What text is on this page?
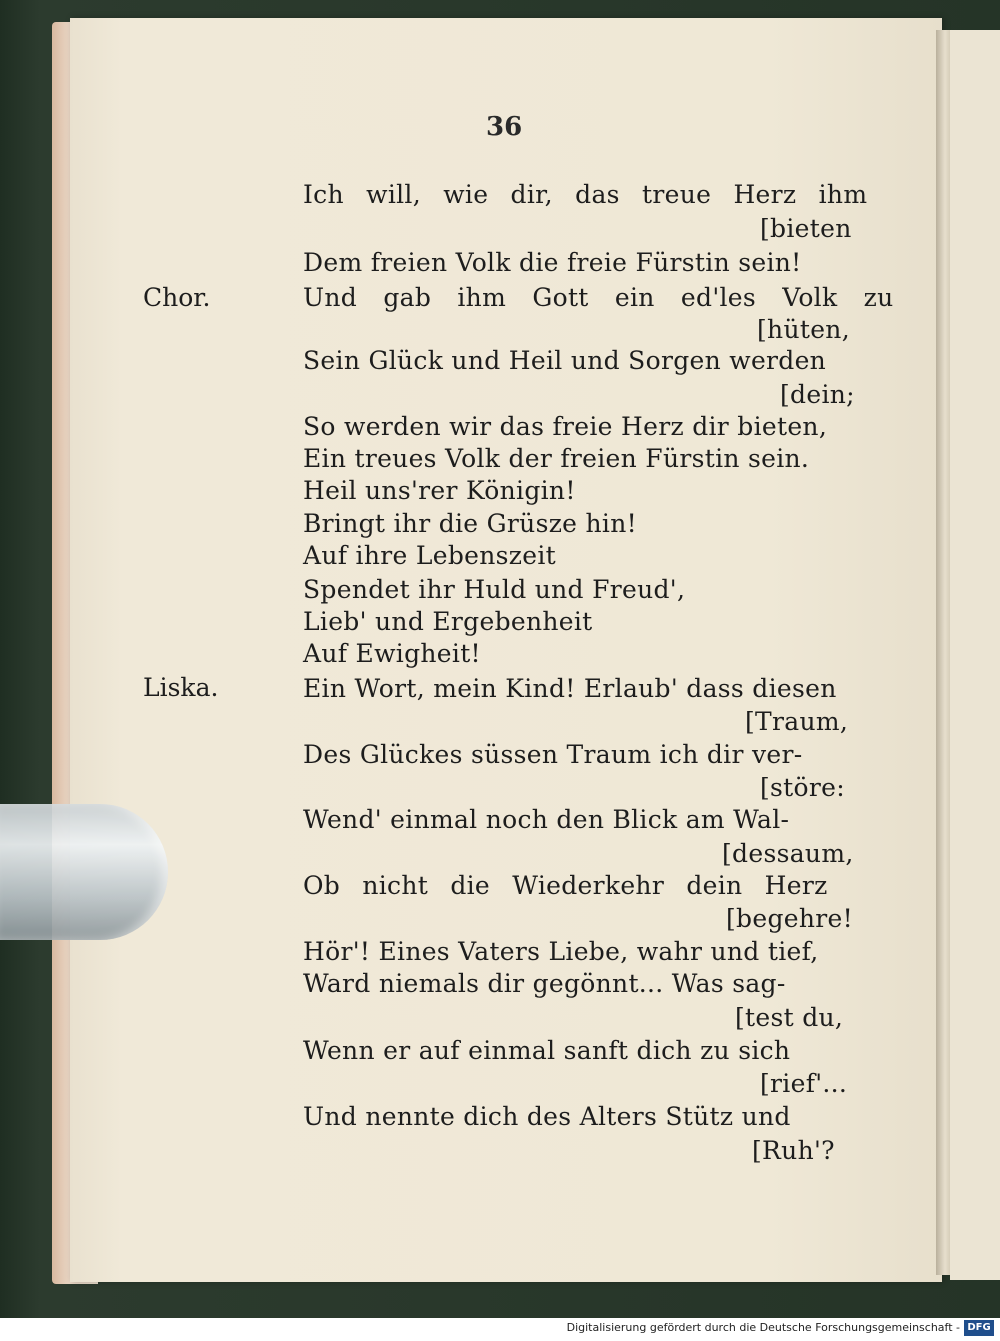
36
Chor.
Liska.
Ich will, wie dir, das treue Herz ihm
[bieten
Dem freien Volk die freie Fürstin sein!
Und gab ihm Gott ein ed'les Volk zu
[hüten,
Sein Glück und Heil und Sorgen werden
[dein;
So werden wir das freie Herz dir bieten,
Ein treues Volk der freien Fürstin sein.
Heil uns'rer Königin!
Bringt ihr die Grüsze hin!
Auf ihre Lebenszeit
Spendet ihr Huld und Freud',
Lieb' und Ergebenheit
Auf Ewigheit!
Ein Wort, mein Kind! Erlaub' dass diesen
[Traum,
Des Glückes süssen Traum ich dir ver-
[störe:
Wend' einmal noch den Blick am Wal-
[dessaum,
Ob nicht die Wiederkehr dein Herz
[begehre!
Hör'! Eines Vaters Liebe, wahr und tief,
Ward niemals dir gegönnt... Was sag-
[test du,
Wenn er auf einmal sanft dich zu sich
[rief'...
Und nennte dich des Alters Stütz und
[Ruh'?
Digitalisierung gefördert durch die Deutsche Forschungsgemeinschaft - DFG
